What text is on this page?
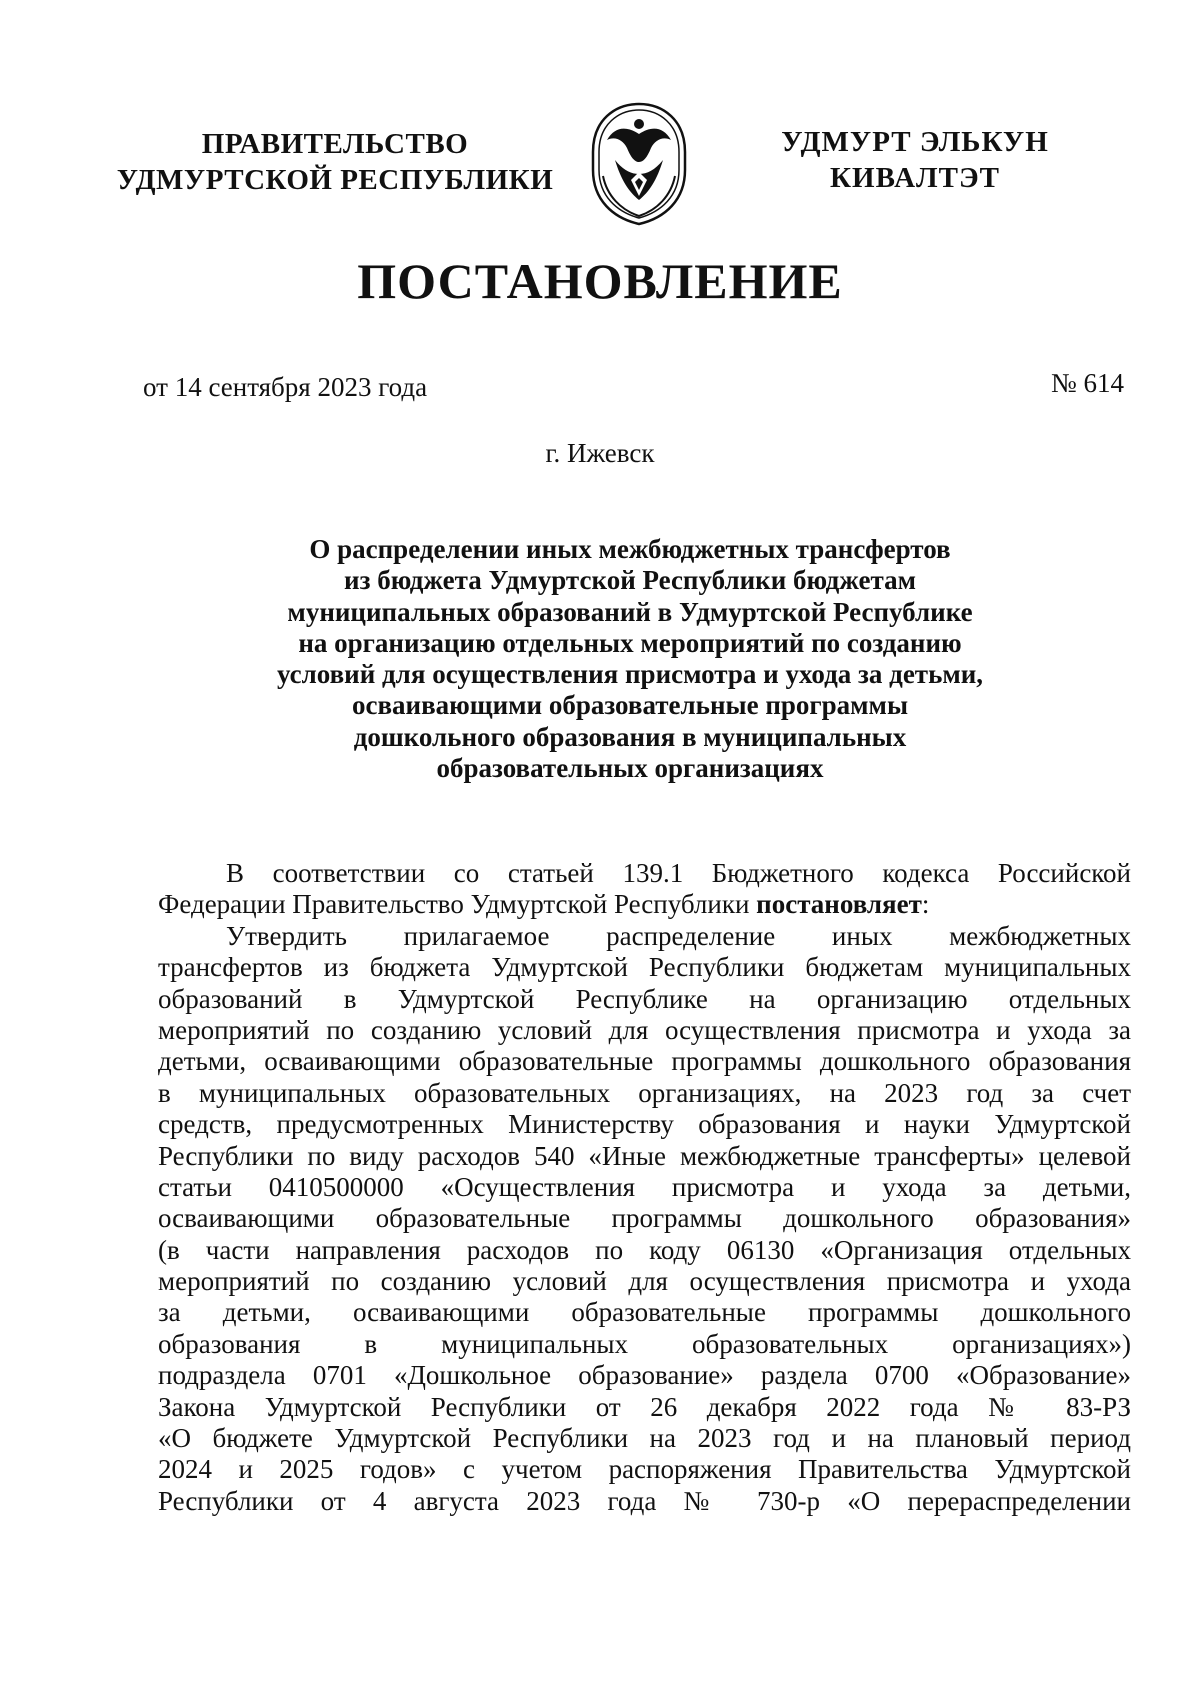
ПРАВИТЕЛЬСТВО
УДМУРТСКОЙ РЕСПУБЛИКИ
УДМУРТ ЭЛЬКУН
КИВАЛТЭТ
ПОСТАНОВЛЕНИЕ
от 14 сентября 2023 года	№ 614
г. Ижевск
О распределении иных межбюджетных трансфертов
из бюджета Удмуртской Республики бюджетам
муниципальных образований в Удмуртской Республике
на организацию отдельных мероприятий по созданию
условий для осуществления присмотра и ухода за детьми,
осваивающими образовательные программы
дошкольного образования в муниципальных
образовательных организациях
В соответствии со статьей 139.1 Бюджетного кодекса Российской
Федерации Правительство Удмуртской Республики постановляет:
Утвердить прилагаемое распределение иных межбюджетных
трансфертов из бюджета Удмуртской Республики бюджетам муниципальных
образований в Удмуртской Республике на организацию отдельных
мероприятий по созданию условий для осуществления присмотра и ухода за
детьми, осваивающими образовательные программы дошкольного образования
в муниципальных образовательных организациях, на 2023 год за счет
средств, предусмотренных Министерству образования и науки Удмуртской
Республики по виду расходов 540 «Иные межбюджетные трансферты» целевой
статьи 0410500000 «Осуществления присмотра и ухода за детьми,
осваивающими образовательные программы дошкольного образования»
(в части направления расходов по коду 06130 «Организация отдельных
мероприятий по созданию условий для осуществления присмотра и ухода
за детьми, осваивающими образовательные программы дошкольного
образования в муниципальных образовательных организациях»)
подраздела 0701 «Дошкольное образование» раздела 0700 «Образование»
Закона Удмуртской Республики от 26 декабря 2022 года № 83-РЗ
«О бюджете Удмуртской Республики на 2023 год и на плановый период
2024 и 2025 годов» с учетом распоряжения Правительства Удмуртской
Республики от 4 августа 2023 года № 730-р «О перераспределении
